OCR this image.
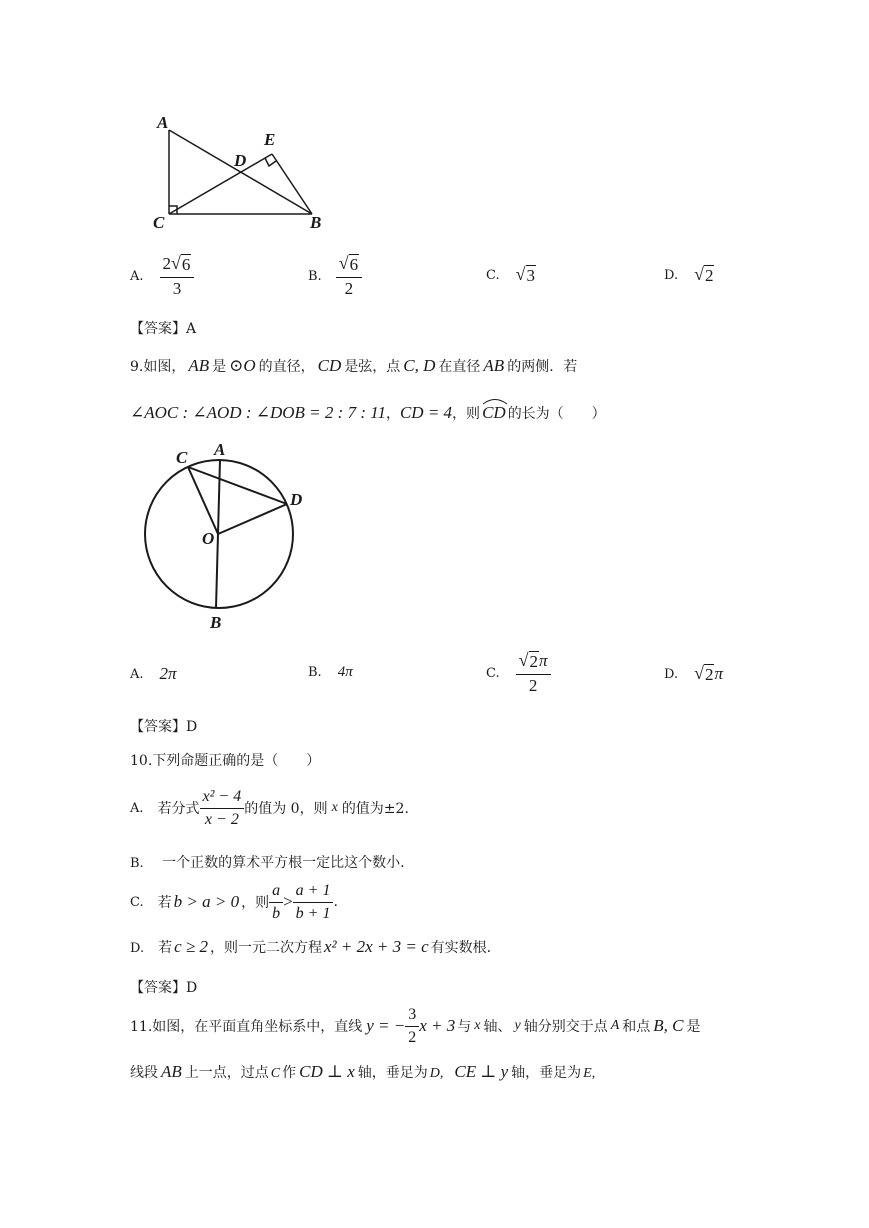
A
E
D
C	B
A. $\frac{2 √ 6}{3}$	B. $\frac{√ 6}{2}$	C. √ 3	D. √ 2
【答案】A
9.如图， AB 是 ⊙O 的直径， CD 是弦，点 C, D 在直径 AB 的两侧．若
∠AOC : ∠AOD : ∠DOB = 2 : 7 : 11 ， CD = 4 ，则 CD 的长为（　　）
C A
D
O
B
A. 2π	B. 4π	C. $\frac{√ 2 \pi}{2}$	D. √ 2 π
【答案】D
10.下列命题正确的是（　　）
A. 若分式 $\frac{\text{x² − 4}}{x - 2}$ 的值为 0，则 x 的值为±2.
B. 一个正数的算术平方根一定比这个数小.
C. 若 b > a > 0 ，则 $\frac{a}{b} > \frac{a + 1}{b + 1}$ .
D. 若 c ≥ 2 ，则一元二次方程 x² + 2x + 3 = c 有实数根.
【答案】D
11.如图，在平面直角坐标系中，直线 y = − $\frac{3}{2}$ x + 3 与 x 轴、 y 轴分别交于点 A 和点 B, C 是
线段 AB 上一点，过点 C 作 CD ⊥ x 轴，垂足为 D, CE ⊥ y 轴，垂足为 E,
